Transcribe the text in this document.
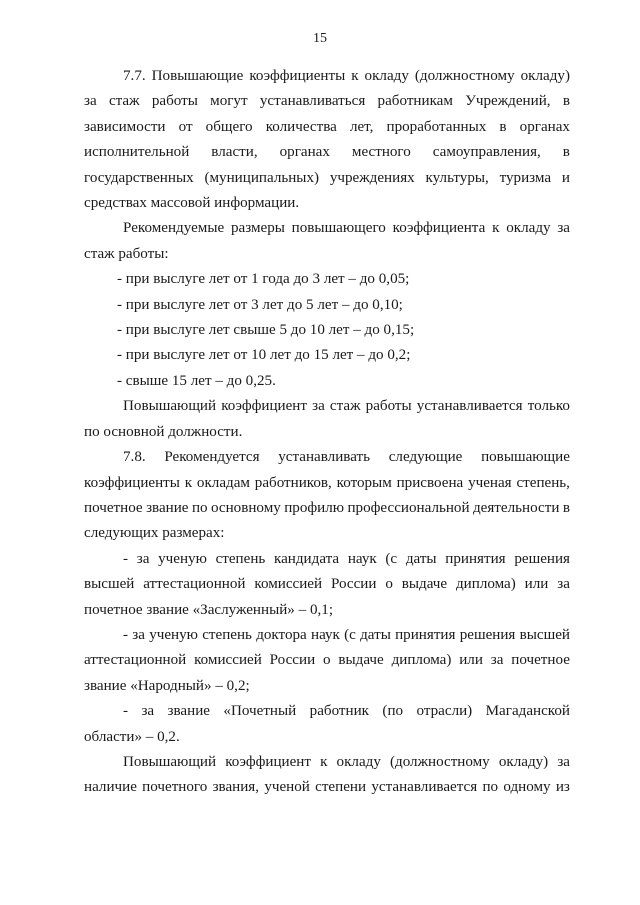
15
7.7. Повышающие коэффициенты к окладу (должностному окладу)
за стаж работы могут устанавливаться работникам Учреждений, в
зависимости от общего количества лет, проработанных в органах
исполнительной власти, органах местного самоуправления, в
государственных (муниципальных) учреждениях культуры, туризма и
средствах массовой информации.
Рекомендуемые размеры повышающего коэффициента к окладу за
стаж работы:
- при выслуге лет от 1 года до 3 лет – до 0,05;
- при выслуге лет от 3 лет до 5 лет – до 0,10;
- при выслуге лет свыше 5 до 10 лет – до 0,15;
- при выслуге лет от 10 лет до 15 лет – до 0,2;
- свыше 15 лет – до 0,25.
Повышающий коэффициент за стаж работы устанавливается только
по основной должности.
7.8. Рекомендуется устанавливать следующие повышающие
коэффициенты к окладам работников, которым присвоена ученая степень,
почетное звание по основному профилю профессиональной деятельности в
следующих размерах:
- за ученую степень кандидата наук (с даты принятия решения
высшей аттестационной комиссией России о выдаче диплома) или за
почетное звание «Заслуженный» – 0,1;
- за ученую степень доктора наук (с даты принятия решения высшей
аттестационной комиссией России о выдаче диплома) или за почетное
звание «Народный» – 0,2;
- за звание «Почетный работник (по отрасли) Магаданской
области» – 0,2.
Повышающий коэффициент к окладу (должностному окладу) за
наличие почетного звания, ученой степени устанавливается по одному из
